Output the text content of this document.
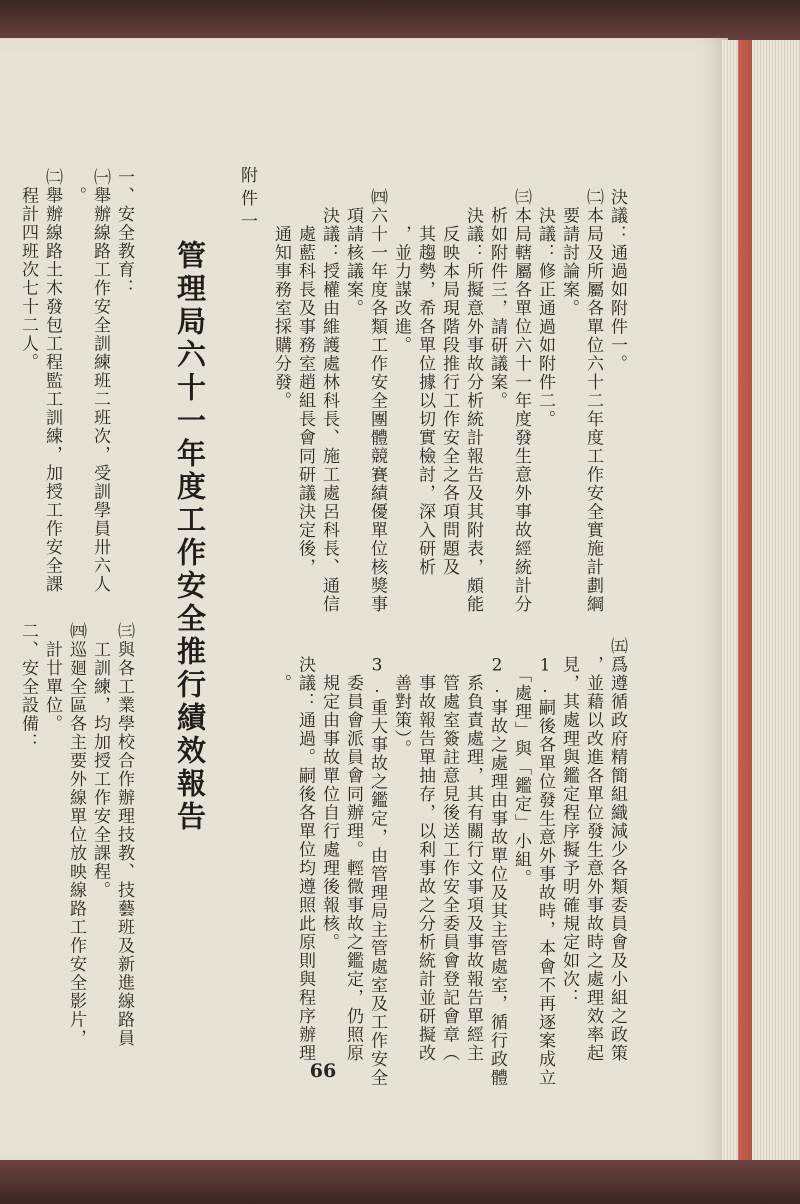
決議：通過如附件一。
㈡本局及所屬各單位六十二年度工作安全實施計劃綱
　要請討論案。
　決議：修正通過如附件二。
㈢本局轄屬各單位六十一年度發生意外事故經統計分
　析如附件三，請研議案。
　決議：所擬意外事故分析統計報告及其附表，頗能
　　反映本局現階段推行工作安全之各項問題及
　　其趨勢，希各單位據以切實檢討，深入研析
　　，並力謀改進。
㈣六十一年度各類工作安全團體競賽績優單位核獎事
　項請核議案。
　決議：授權由維護處林科長、施工處呂科長、通信
　　處藍科長及事務室趙組長會同研議決定後，
　　通知事務室採購分發。
㈤爲遵循政府精簡組織減少各類委員會及小組之政策
　，並藉以改進各單位發生意外事故時之處理效率起
　見，其處理與鑑定程序擬予明確規定如次：
　1.嗣後各單位發生意外事故時，本會不再逐案成立
　　「處理」與「鑑定」小組。
　2.事故之處理由事故單位及其主管處室，循行政體
　　系負責處理，其有關行文事項及事故報告單經主
　　管處室簽註意見後送工作安全委員會登記會章（
　　事故報告單抽存，以利事故之分析統計並研擬改
　　善對策）。
　3.重大事故之鑑定，由管理局主管處室及工作安全
　　委員會派員會同辦理。輕微事故之鑑定，仍照原
　　規定由事故單位自行處理後報核。
　決議：通過。嗣後各單位均遵照此原則與程序辦理
　　。
附件一
管理局六十一年度工作安全推行績效報告
一、安全教育：
㈠舉辦線路工作安全訓練班二班次，受訓學員卅六人
　。
㈡舉辦線路土木發包工程監工訓練，加授工作安全課
　程計四班次七十二人。
㈢與各工業學校合作辦理技教、技藝班及新進線路員
　工訓練，均加授工作安全課程。
㈣巡廻全區各主要外線單位放映線路工作安全影片，
　計廿單位。
二、安全設備：
66
